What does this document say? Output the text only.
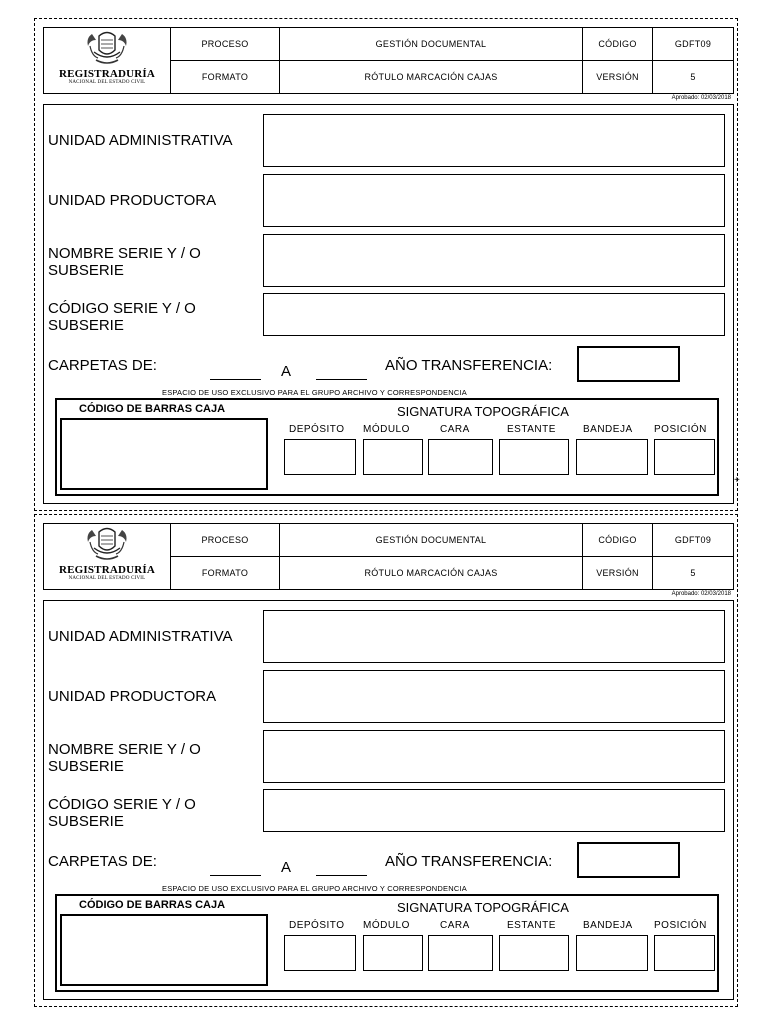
REGISTRADURÍA
NACIONAL DEL ESTADO CIVIL
PROCESO	GESTIÓN DOCUMENTAL	CÓDIGO	GDFT09
FORMATO	RÓTULO MARCACIÓN CAJAS	VERSIÓN	5
Aprobado: 02/03/2018
UNIDAD ADMINISTRATIVA
UNIDAD PRODUCTORA
NOMBRE SERIE Y / O
SUBSERIE
CÓDIGO SERIE Y / O
SUBSERIE
CARPETAS DE:	A	AÑO TRANSFERENCIA:
ESPACIO DE USO EXCLUSIVO PARA EL GRUPO ARCHIVO Y CORRESPONDENCIA
CÓDIGO DE BARRAS CAJA	SIGNATURA TOPOGRÁFICA
DEPÓSITO MÓDULO	CARA	ESTANTE	BANDEJA POSICIÓN
+
REGISTRADURÍA
NACIONAL DEL ESTADO CIVIL
PROCESO	GESTIÓN DOCUMENTAL	CÓDIGO	GDFT09
FORMATO	RÓTULO MARCACIÓN CAJAS	VERSIÓN	5
Aprobado: 02/03/2018
UNIDAD ADMINISTRATIVA
UNIDAD PRODUCTORA
NOMBRE SERIE Y / O
SUBSERIE
CÓDIGO SERIE Y / O
SUBSERIE
CARPETAS DE:	A	AÑO TRANSFERENCIA:
ESPACIO DE USO EXCLUSIVO PARA EL GRUPO ARCHIVO Y CORRESPONDENCIA
CÓDIGO DE BARRAS CAJA	SIGNATURA TOPOGRÁFICA
DEPÓSITO MÓDULO	CARA	ESTANTE	BANDEJA POSICIÓN
